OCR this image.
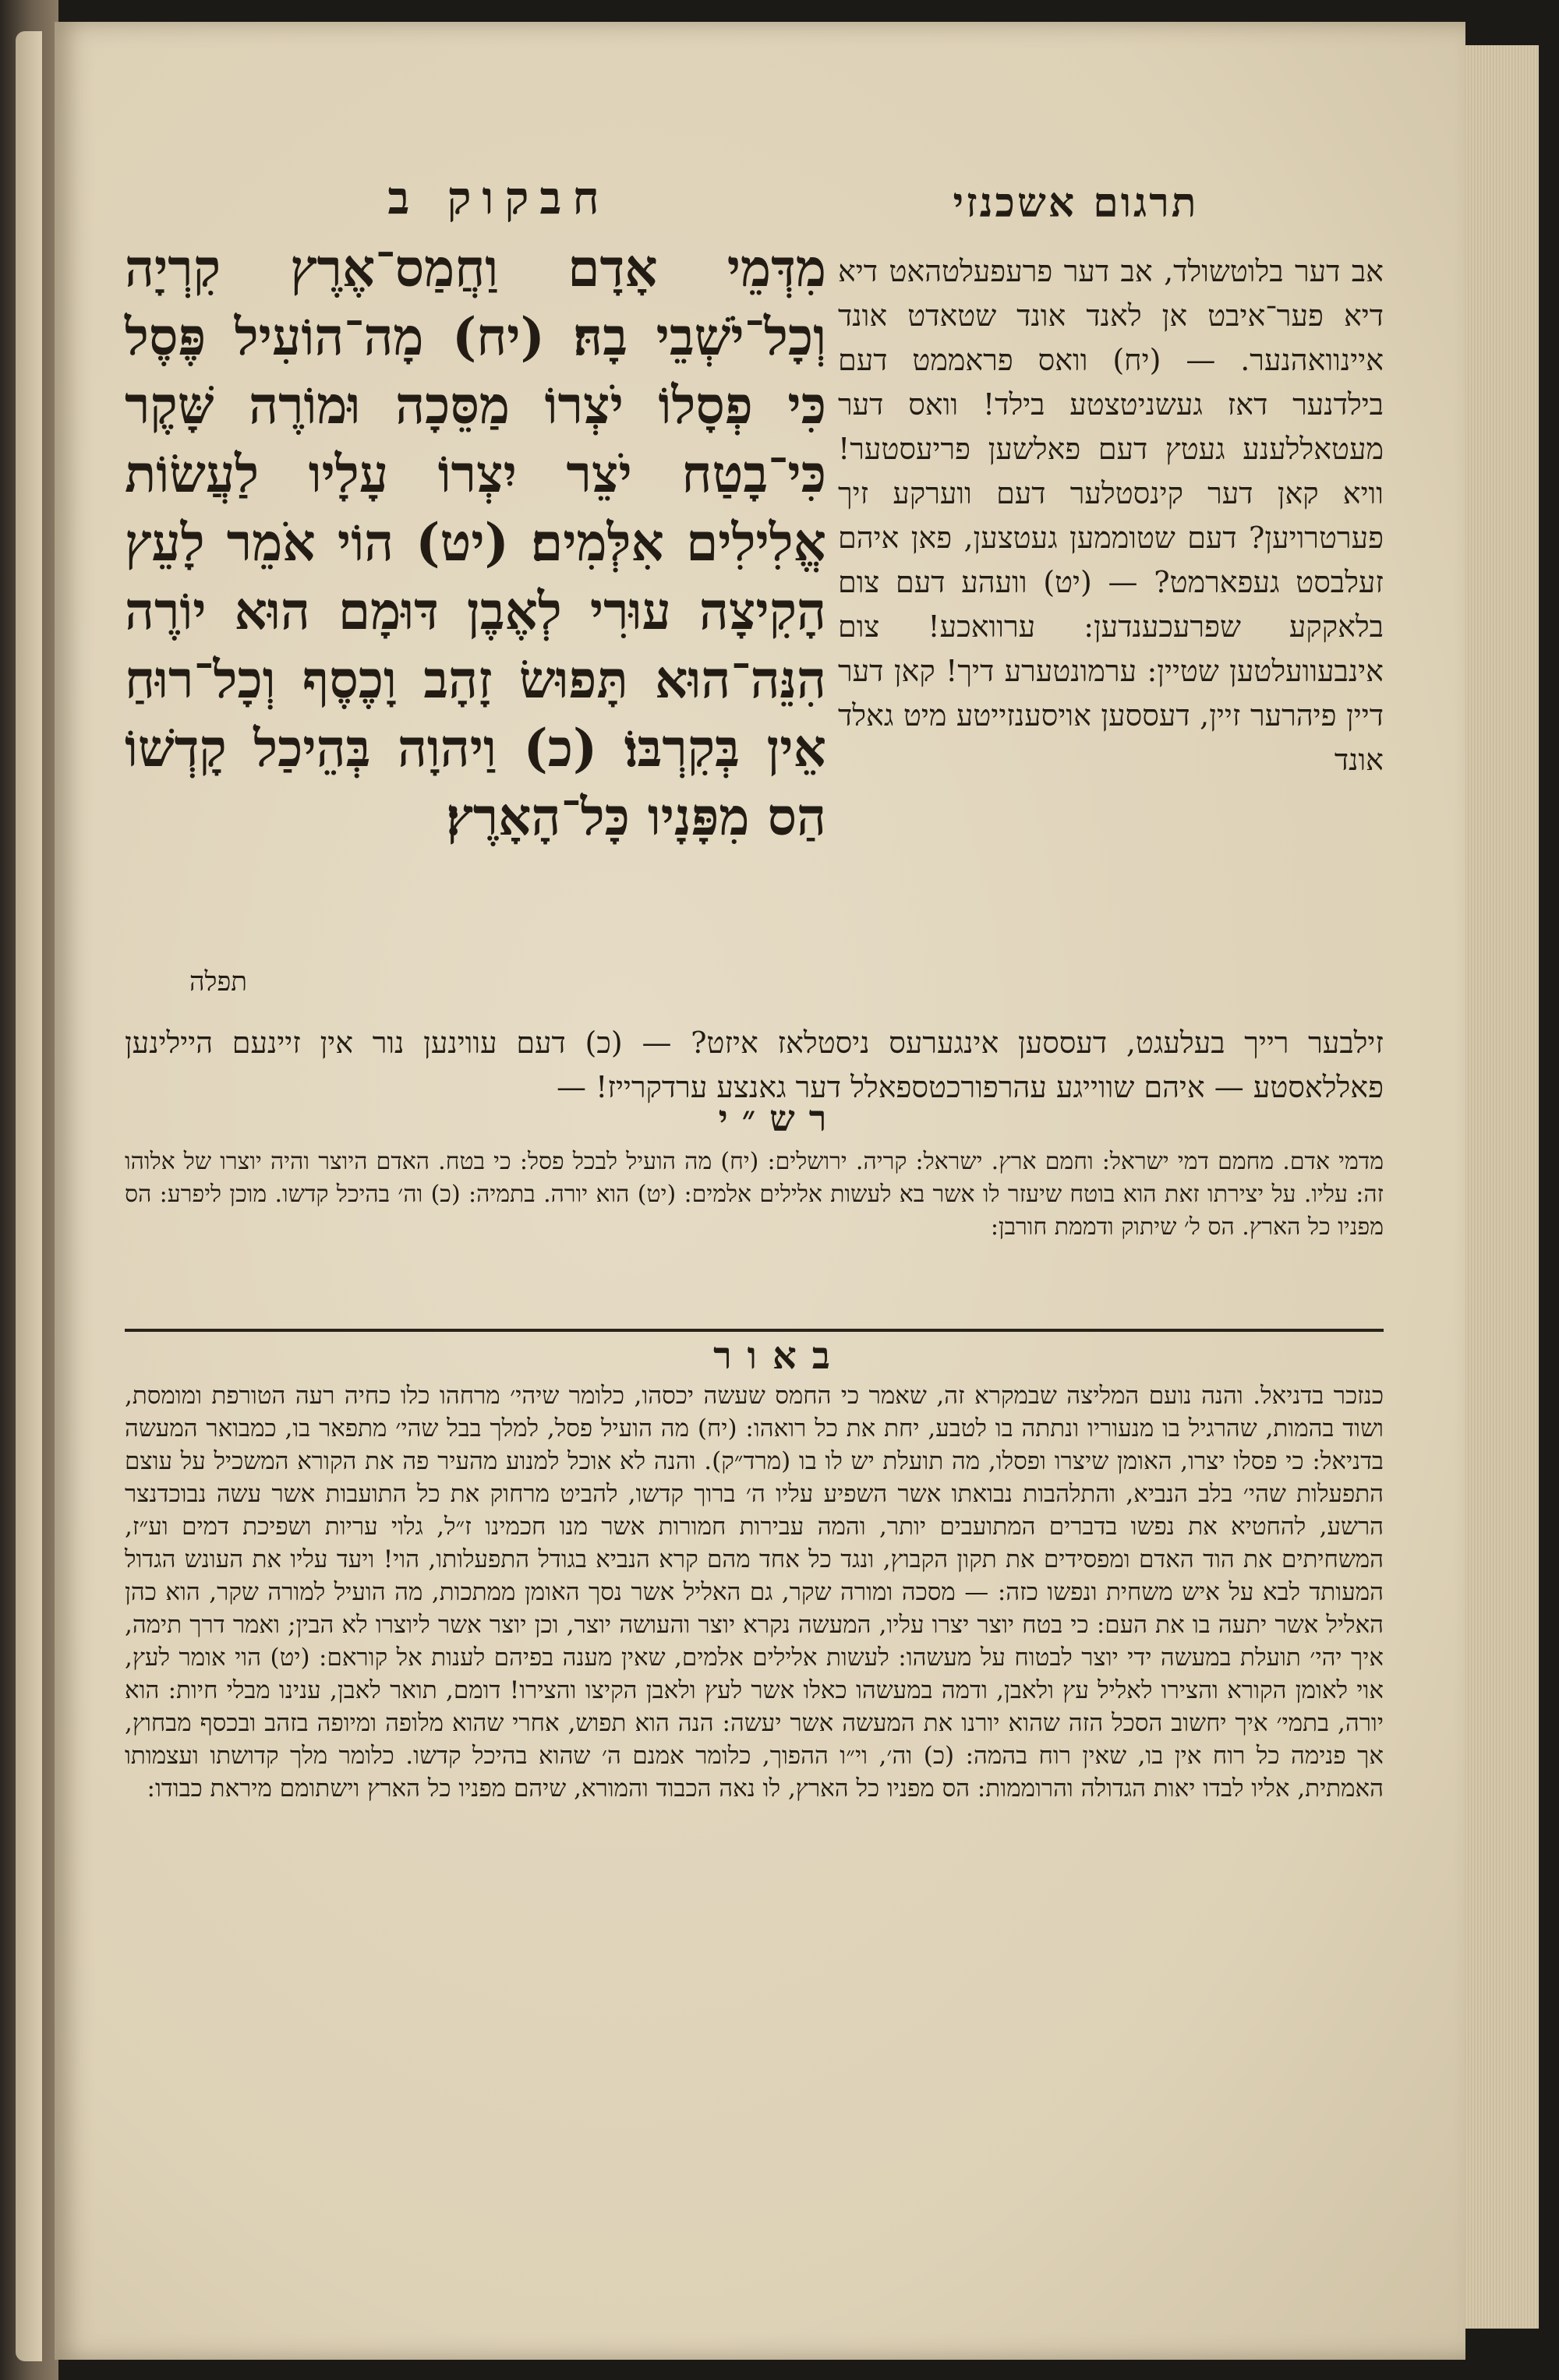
תרגום אשכנזי
חבקוק ב
מִדְּמֵי אָדָם וַחֲמַס־אֶרֶץ קִרְיָה וְכָל־יֹשְׁבֵי בָהּ׃ (יח) מָה־הוֹעִיל פֶּסֶל כִּי פְסָלוֹ יֹצְרוֹ מַסֵּכָה וּמוֹרֶה שָּׁקֶר כִּי־בָטַח יֹצֵר יִצְרוֹ עָלָיו לַעֲשׂוֹת אֱלִילִים אִלְּמִים׃ (יט) הוֹי אֹמֵר לָעֵץ הָקִיצָה עוּרִי לְאֶבֶן דּוּמָם הוּא יוֹרֶה הִנֵּה־הוּא תָּפוּשׂ זָהָב וָכֶסֶף וְכָל־רוּחַ אֵין בְּקִרְבּוֹ׃ (כ) וַיהוָה בְּהֵיכַל קָדְשׁוֹ הַס מִפָּנָיו כָּל־הָאָרֶץ׃
תפלה
אב דער בלוטשולד, אב דער פרעפעלטהאט דיא דיא פער־איבט אן לאנד אונד שטאדט אונד איינוואהנער. — (יח) וואס פראממט דעם בילדנער דאז געשניטצטע בילד! וואס דער מעטאללענע געטץ דעם פאלשען פריעסטער! וויא קאן דער קינסטלער דעם ווערקע זיך פערטרויען? דעם שטוממען געטצען, פאן איהם זעלבסט געפארמט? — (יט) וועהע דעם צום בלאקקע שפרעכענדען: ערוואכע! צום אינבעוועלטען שטיין: ערמונטערע דיך! קאן דער דיין פיהרער זיין, דעססען אויסענזייטע מיט גאלד אונד
זילבער רייך בעלעגט, דעססען אינגערעס ניסטלאז איזט? — (כ) דעם עווינען נור אין זיינעם היילינען פאללאסטע — איהם שווייגע עהרפורכטספאלל דער גאנצע ערדקרייז! —
רש״י
מדמי אדם. מחמם דמי ישראל: וחמם ארץ. ישראל: קריה. ירושלים: (יח) מה הועיל לבכל פסל: כי בטח. האדם היוצר והיה יוצרו של אלוהו זה: עליו. על יצירתו זאת הוא בוטח שיעזר לו אשר בא לעשות אלילים אלמים: (יט) הוא יורה. בתמיה: (כ) וה׳ בהיכל קדשו. מוכן ליפרע: הס מפניו כל הארץ. הס ל׳ שיתוק ודממת חורבן:
באור
כנזכר בדניאל. והנה נועם המליצה שבמקרא זה, שאמר כי החמס שעשה יכסהו, כלומר שיהי׳ מרחהו כלו כחיה רעה הטורפת ומומסת, ושוד בהמות, שהרגיל בו מנעוריו ונתתה בו לטבע, יחת את כל רואהו: (יח) מה הועיל פסל, למלך בבל שהי׳ מתפאר בו, כמבואר המעשה בדניאל: כי פסלו יצרו, האומן שיצרו ופסלו, מה תועלת יש לו בו (מרד״ק). והנה לא אוכל למנוע מהעיר פה את הקורא המשכיל על עוצם התפעלות שהי׳ בלב הנביא, והתלהבות נבואתו אשר השפיע עליו ה׳ ברוך קדשו, להביט מרחוק את כל התועבות אשר עשה נבוכדנצר הרשע, להחטיא את נפשו בדברים המתועבים יותר, והמה עבירות חמורות אשר מנו חכמינו ז״ל, גלוי עריות ושפיכת דמים וע״ז, המשחיתים את הוד האדם ומפסידים את תקון הקבוץ, ונגד כל אחד מהם קרא הנביא בגודל התפעלותו, הוי! ויעד עליו את העונש הגדול המעותד לבא על איש משחית ונפשו כזה: — מסכה ומורה שקר, גם האליל אשר נסך האומן ממתכות, מה הועיל למורה שקר, הוא כהן האליל אשר יתעה בו את העם: כי בטח יוצר יצרו עליו, המעשה נקרא יוצר והעושה יוצר, וכן יוצר אשר ליוצרו לא הבין; ואמר דרך תימה, איך יהי׳ תועלת במעשה ידי יוצר לבטוח על מעשהו: לעשות אלילים אלמים, שאין מענה בפיהם לענות אל קוראם: (יט) הוי אומר לעץ, אוי לאומן הקורא והצירו לאליל עץ ולאבן, ודמה במעשהו כאלו אשר לעץ ולאבן הקיצו והצירו! דומם, תואר לאבן, ענינו מבלי חיות: הוא יורה, בתמי׳ איך יחשוב הסכל הזה שהוא יורנו את המעשה אשר יעשה: הנה הוא תפוש, אחרי שהוא מלופה ומיופה בזהב ובכסף מבחוץ, אך פנימה כל רוח אין בו, שאין רוח בהמה: (כ) וה׳, וי״ו ההפוך, כלומר אמנם ה׳ שהוא בהיכל קדשו. כלומר מלך קדושתו ועצמותו האמתית, אליו לבדו יאות הגדולה והרוממות: הס מפניו כל הארץ, לו נאה הכבוד והמורא, שיהם מפניו כל הארץ וישתומם מיראת כבודו:
